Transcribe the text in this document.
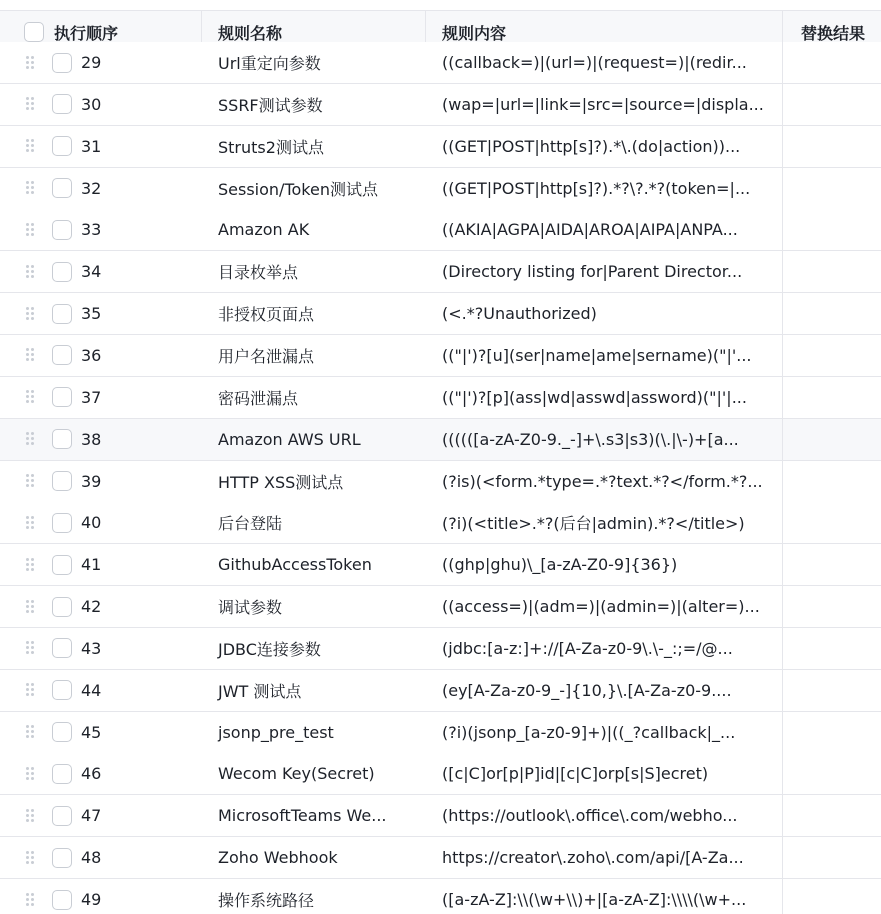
执行顺序	规则名称	规则内容	替换结果
29	Url重定向参数	((callback=)|(url=)|(request=)|(redir...
30	SSRF测试参数	(wap=|url=|link=|src=|source=|displa...
31	Struts2测试点	((GET|POST|http[s]?).*\.(do|action))...
32	Session/Token测试点	((GET|POST|http[s]?).*?\?.*?(token=|...
33	Amazon AK	((AKIA|AGPA|AIDA|AROA|AIPA|ANPA...
34	目录枚举点	(Directory listing for|Parent Director...
35	非授权页面点	(<.*?Unauthorized)
36	用户名泄漏点	(("|')?[u](ser|name|ame|sername)("|'...
37	密码泄漏点	(("|')?[p](ass|wd|asswd|assword)("|'|...
38	Amazon AWS URL	((((([a-zA-Z0-9._-]+\.s3|s3)(\.|\-)+[a...
39	HTTP XSS测试点	(?is)(<form.*type=.*?text.*?</form.*?...
40	后台登陆	(?i)(<title>.*?(后台|admin).*?</title>)
41	GithubAccessToken	((ghp|ghu)\_[a-zA-Z0-9]{36})
42	调试参数	((access=)|(adm=)|(admin=)|(alter=)...
43	JDBC连接参数	(jdbc:[a-z:]+://[A-Za-z0-9\.\-_:;=/@...
44	JWT 测试点	(ey[A-Za-z0-9_-]{10,}\.[A-Za-z0-9....
45	jsonp_pre_test	(?i)(jsonp_[a-z0-9]+)|((_?callback|_...
46	Wecom Key(Secret)	([c|C]or[p|P]id|[c|C]orp[s|S]ecret)
47	MicrosoftTeams We...	(https://outlook\.office\.com/webho...
48	Zoho Webhook	https://creator\.zoho\.com/api/[A-Za...
49	操作系统路径	([a-zA-Z]:\\(\w+\\)+|[a-zA-Z]:\\\\(\w+...
